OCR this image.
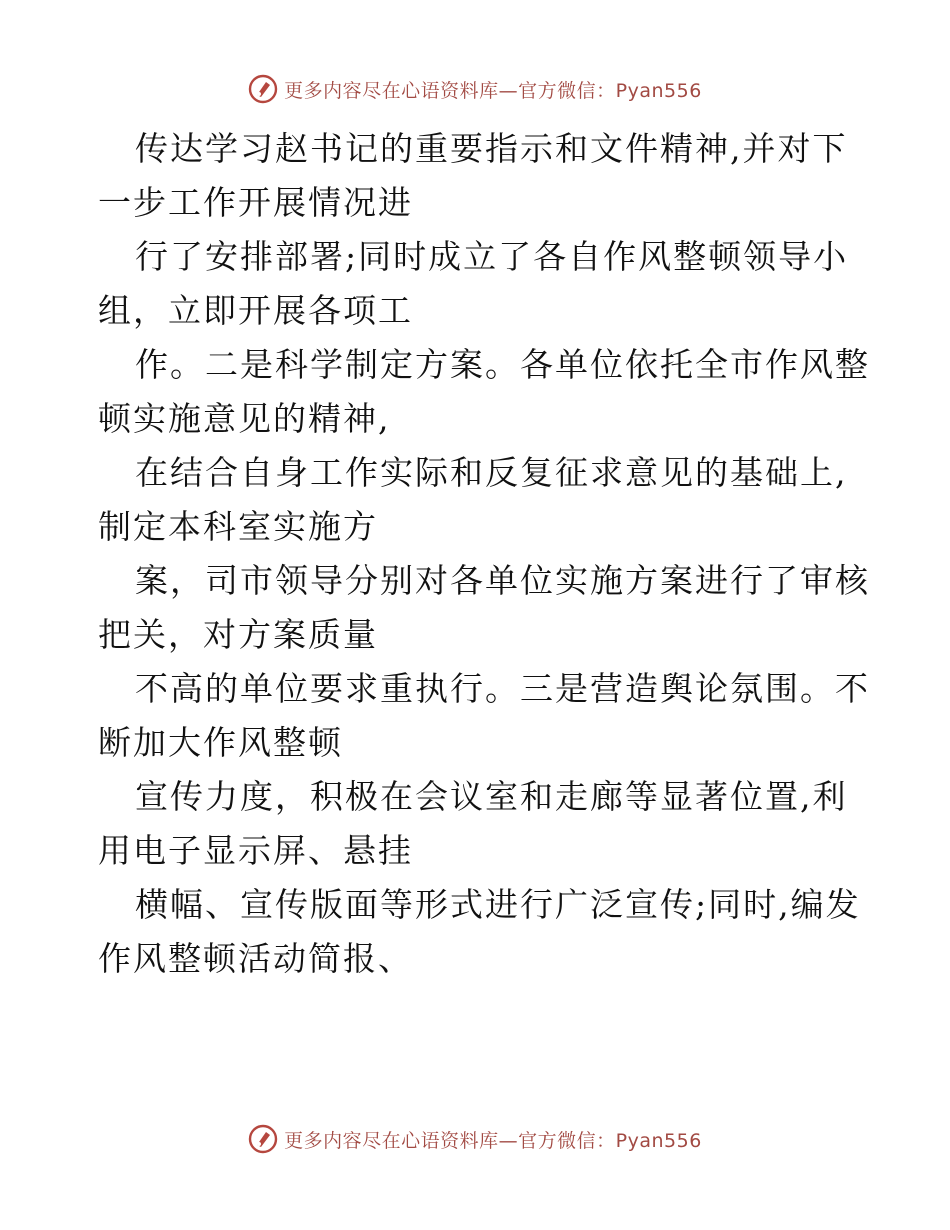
更多内容尽在心语资料库—官方微信：Pyan556
传达学习赵书记的重要指示和文件精神,并对下
一步工作开展情况进
行了安排部署;同时成立了各自作风整顿领导小
组，立即开展各项工
作。二是科学制定方案。各单位依托全市作风整
顿实施意见的精神,
在结合自身工作实际和反复征求意见的基础上,
制定本科室实施方
案，司市领导分别对各单位实施方案进行了审核
把关，对方案质量
不高的单位要求重执行。三是营造舆论氛围。不
断加大作风整顿
宣传力度，积极在会议室和走廊等显著位置,利
用电子显示屏、悬挂
横幅、宣传版面等形式进行广泛宣传;同时,编发
作风整顿活动简报、
更多内容尽在心语资料库—官方微信：Pyan556
